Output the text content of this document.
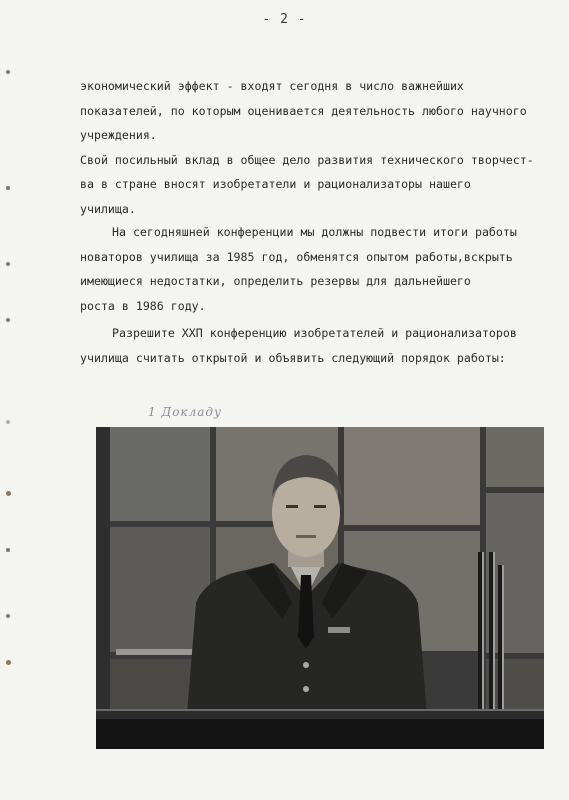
- 2 -
экономический эффект - входят сегодня в число важнейших
показателей, по которым оценивается деятельность любого научного
учреждения.
Свой посильный вклад в общее дело развития технического творчест-
ва в стране вносят изобретатели и рационализаторы нашего
училища.
На сегодняшней конференции мы должны подвести итоги работы
новаторов училища за 1985 год, обменятся опытом работы,вскрыть
имеющиеся недостатки, определить резервы для дальнейшего
роста в 1986 году.
Разрешите XXП конференцию изобретателей и рационализаторов
училища считать открытой и объявить следующий порядок работы:
1 Докладу
